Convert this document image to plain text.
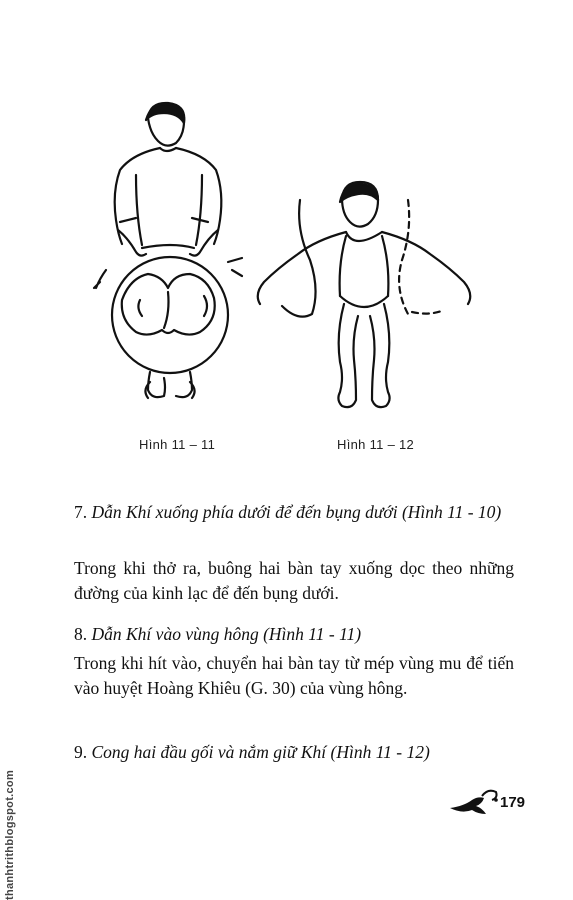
Hình 11 – 11	Hình 11 – 12

7. Dẫn Khí xuống phía dưới để đến bụng dưới (Hình 11 - 10)

Trong khi thở ra, buông hai bàn tay xuống dọc theo những đường của kinh lạc để đến bụng dưới.

8. Dẫn Khí vào vùng hông (Hình 11 - 11)

Trong khi hít vào, chuyển hai bàn tay từ mép vùng mu để tiến vào huyệt Hoàng Khiêu (G. 30) của vùng hông.

9. Cong hai đầu gối và nắm giữ Khí (Hình 11 - 12)

179
thanhtrithblogspot.com
